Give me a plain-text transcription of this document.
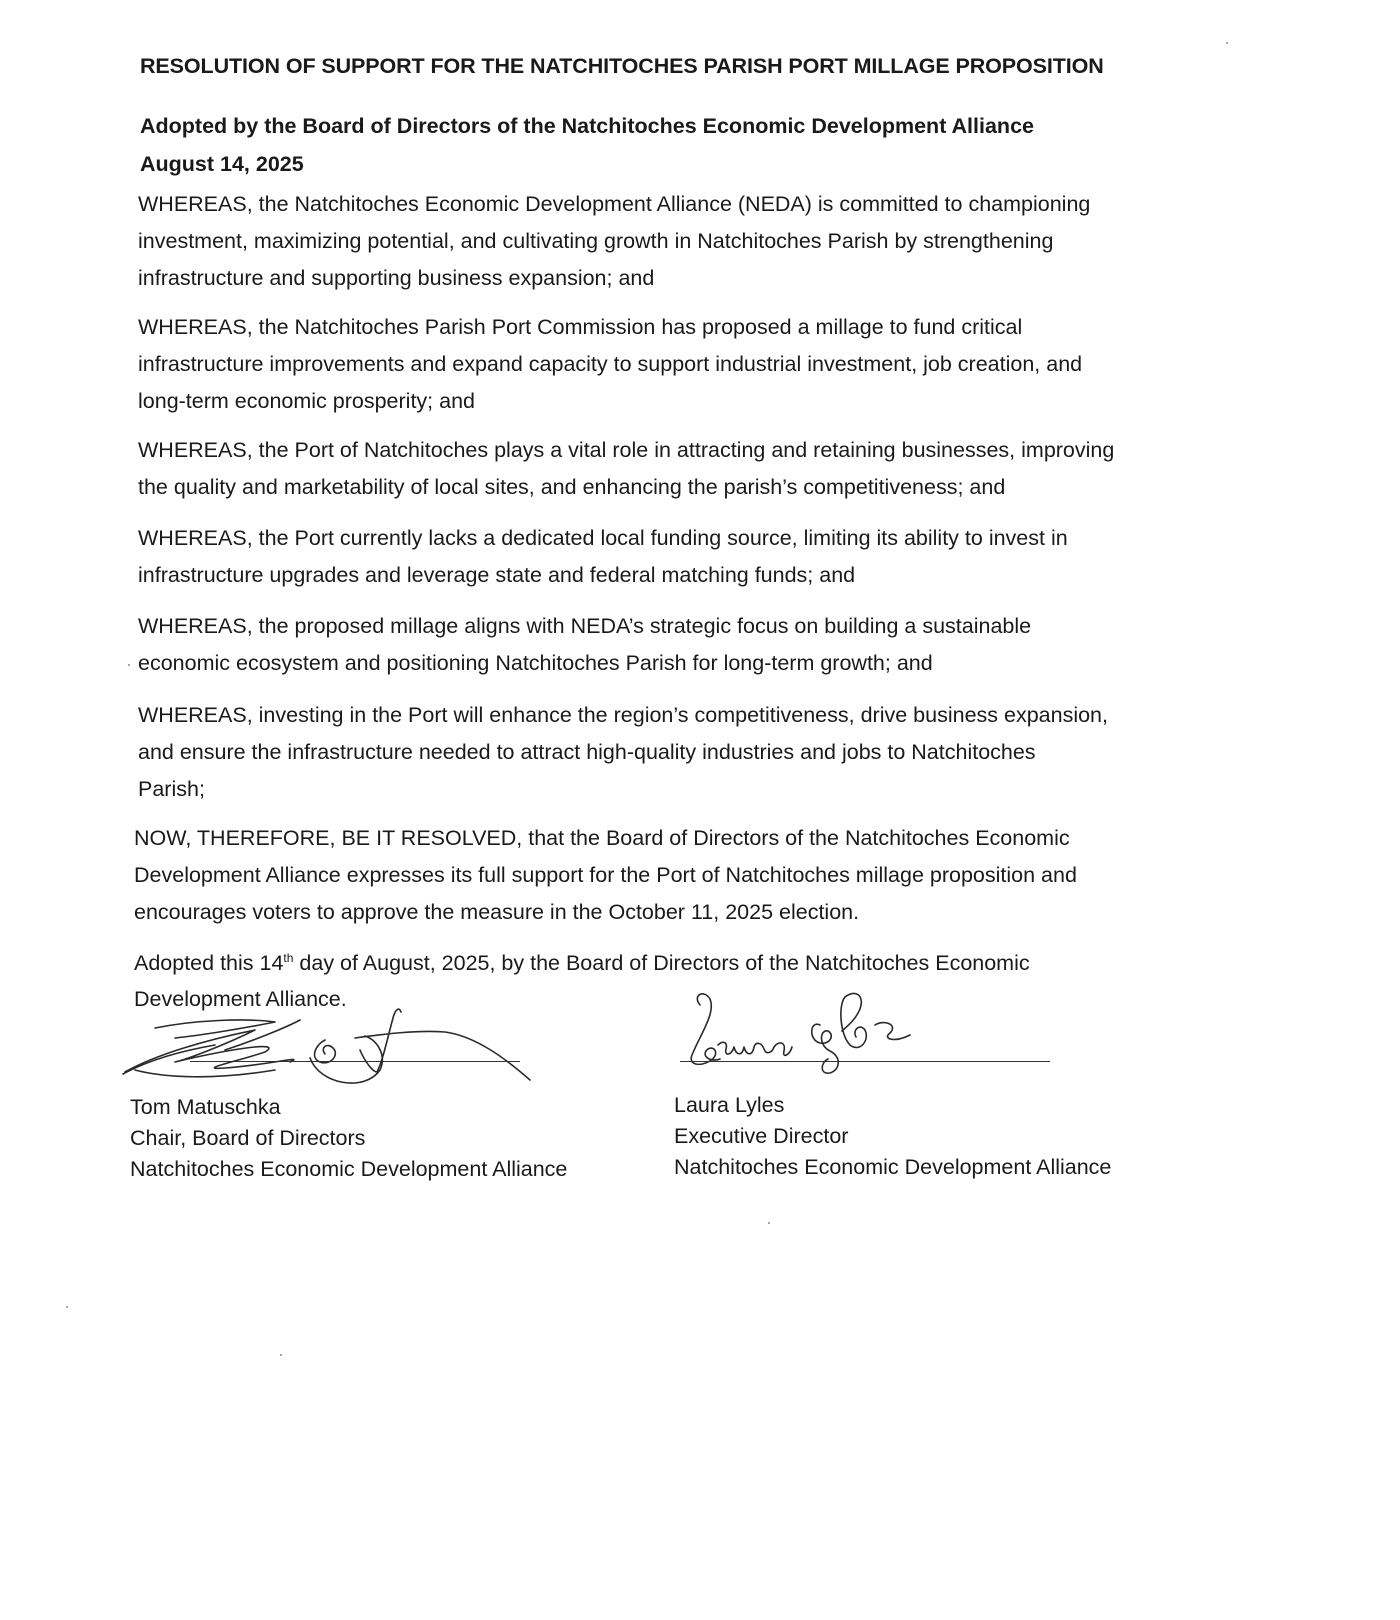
RESOLUTION OF SUPPORT FOR THE NATCHITOCHES PARISH PORT MILLAGE PROPOSITION
Adopted by the Board of Directors of the Natchitoches Economic Development Alliance
August 14, 2025
WHEREAS, the Natchitoches Economic Development Alliance (NEDA) is committed to championing
investment, maximizing potential, and cultivating growth in Natchitoches Parish by strengthening
infrastructure and supporting business expansion; and
WHEREAS, the Natchitoches Parish Port Commission has proposed a millage to fund critical
infrastructure improvements and expand capacity to support industrial investment, job creation, and
long-term economic prosperity; and
WHEREAS, the Port of Natchitoches plays a vital role in attracting and retaining businesses, improving
the quality and marketability of local sites, and enhancing the parish’s competitiveness; and
WHEREAS, the Port currently lacks a dedicated local funding source, limiting its ability to invest in
infrastructure upgrades and leverage state and federal matching funds; and
WHEREAS, the proposed millage aligns with NEDA’s strategic focus on building a sustainable
economic ecosystem and positioning Natchitoches Parish for long-term growth; and
WHEREAS, investing in the Port will enhance the region’s competitiveness, drive business expansion,
and ensure the infrastructure needed to attract high-quality industries and jobs to Natchitoches
Parish;
NOW, THEREFORE, BE IT RESOLVED, that the Board of Directors of the Natchitoches Economic
Development Alliance expresses its full support for the Port of Natchitoches millage proposition and
encourages voters to approve the measure in the October 11, 2025 election.
Adopted this 14th day of August, 2025, by the Board of Directors of the Natchitoches Economic
Development Alliance.
Tom Matuschka
Chair, Board of Directors
Natchitoches Economic Development Alliance
Laura Lyles
Executive Director
Natchitoches Economic Development Alliance
